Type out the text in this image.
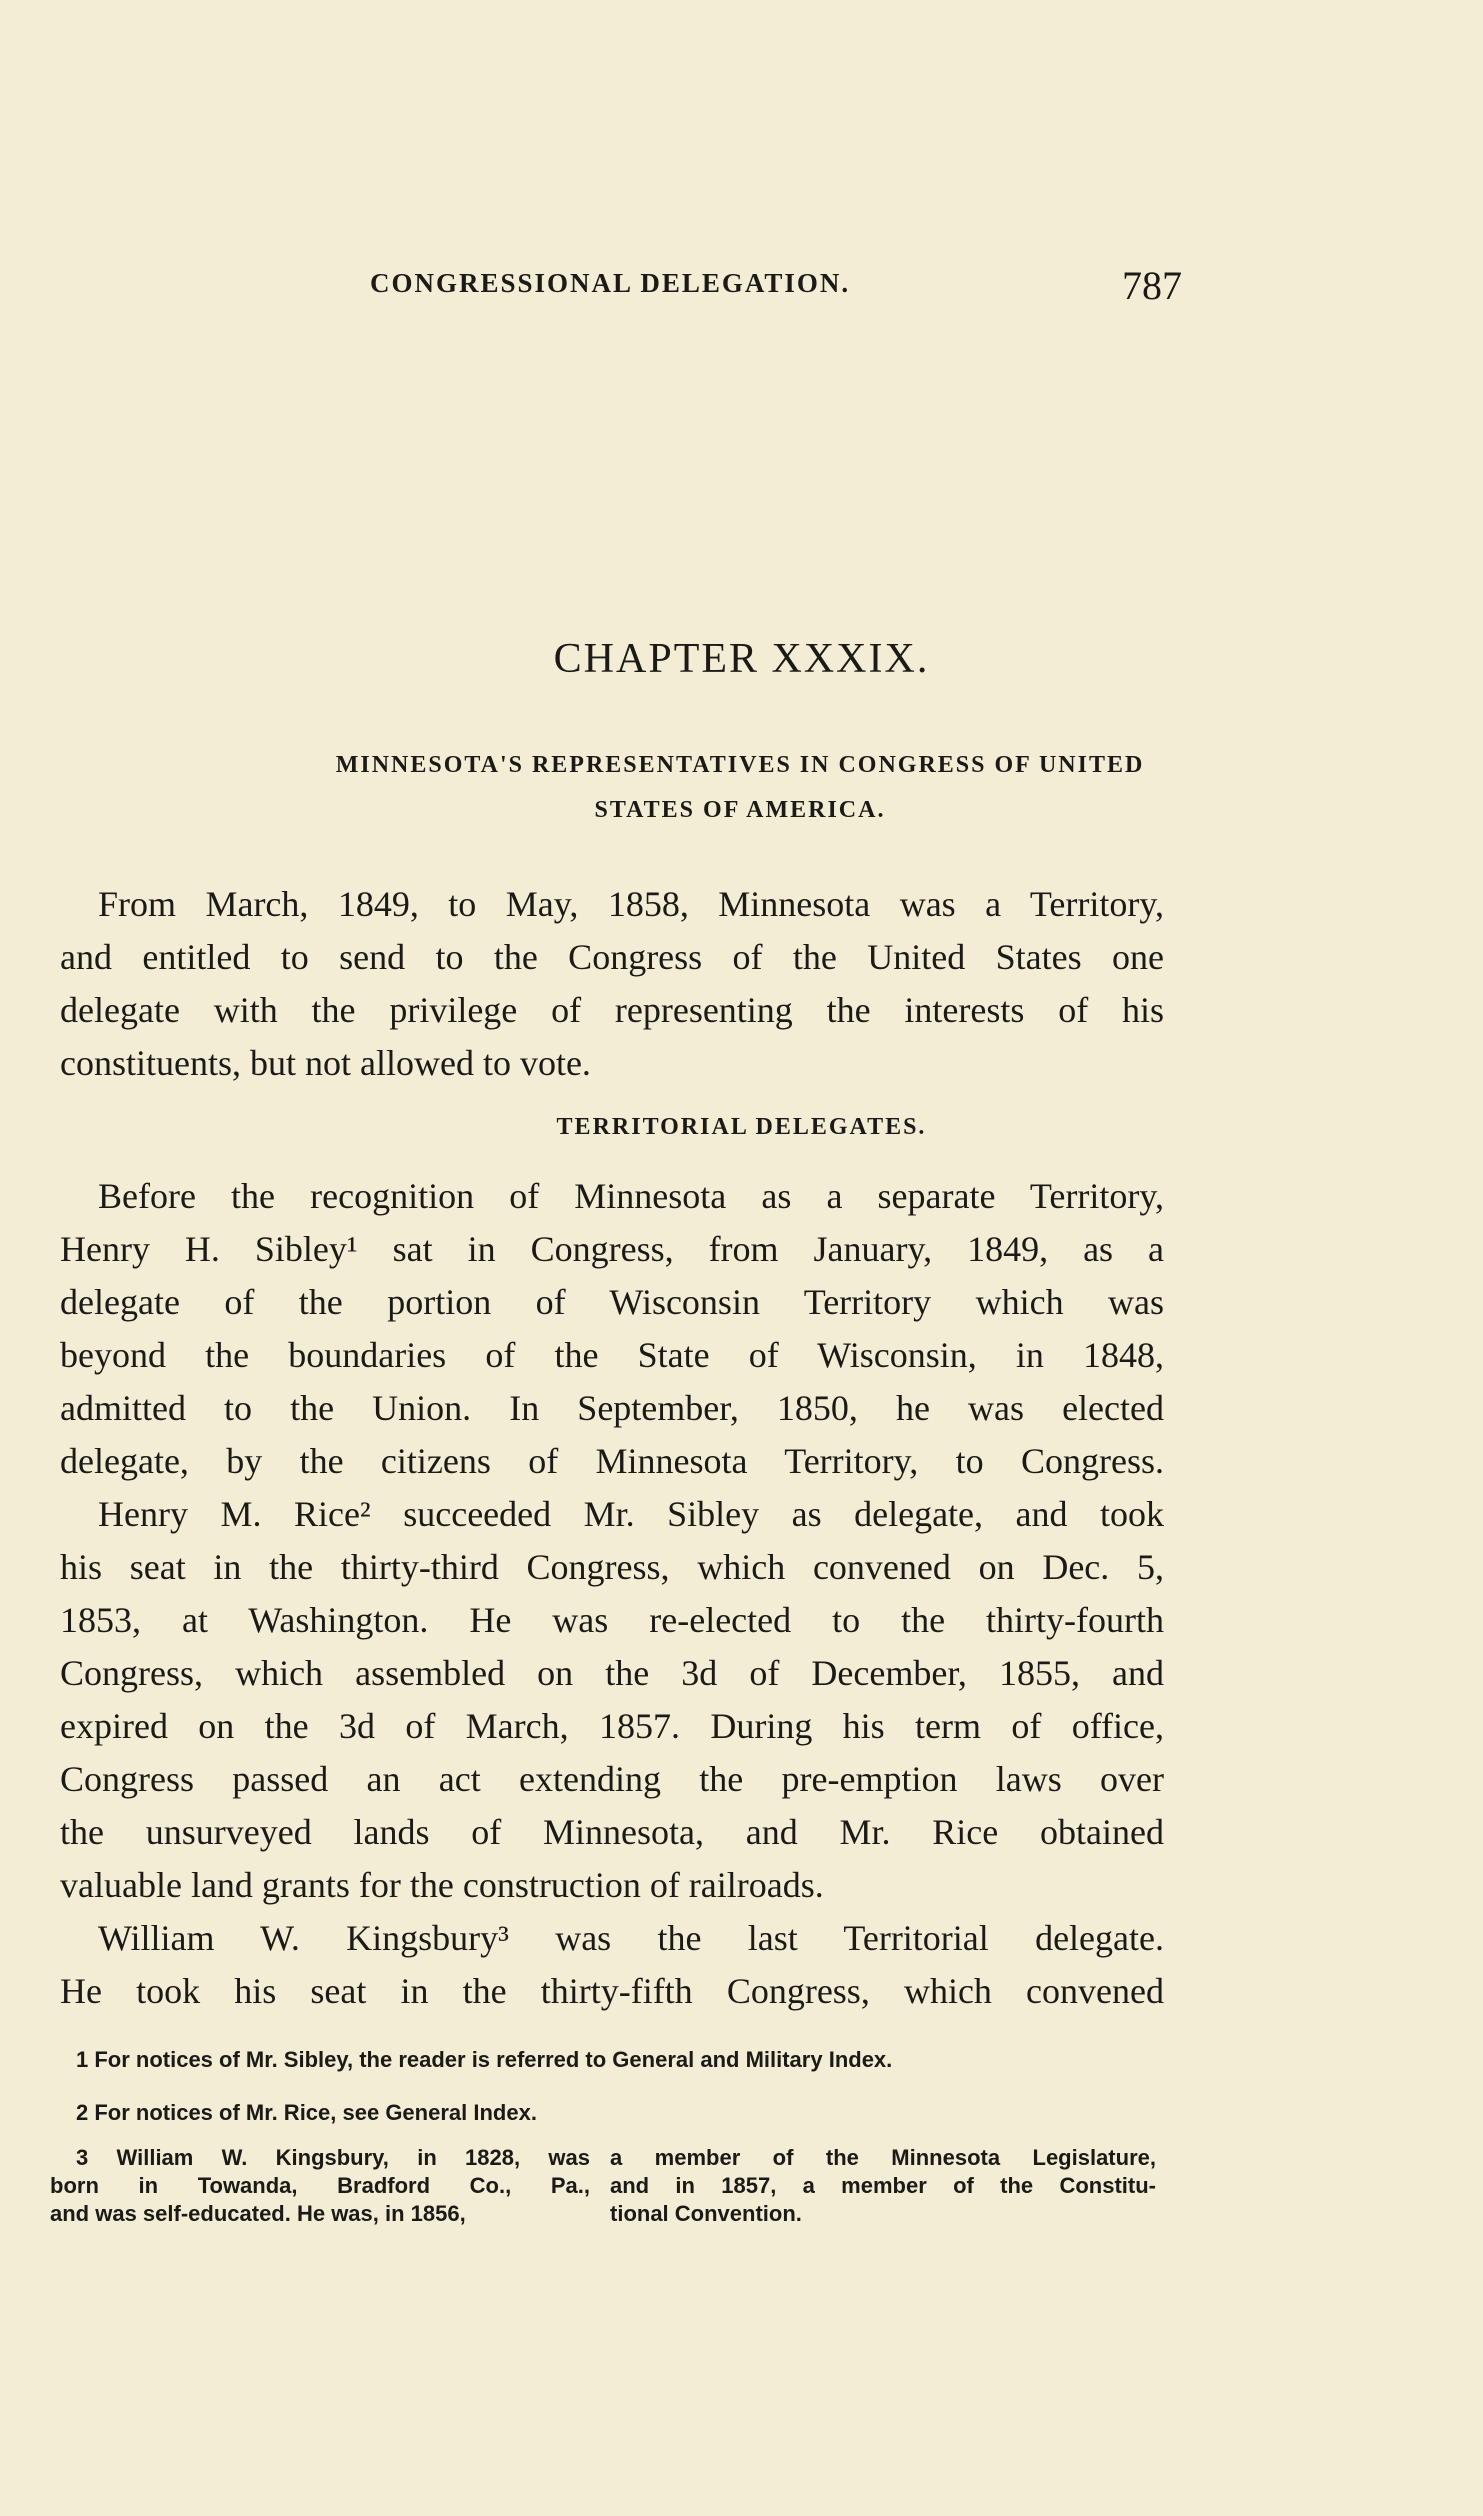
CONGRESSIONAL DELEGATION.	787
CHAPTER XXXIX.
MINNESOTA'S REPRESENTATIVES IN CONGRESS OF UNITED
STATES OF AMERICA.
From March, 1849, to May, 1858, Minnesota was a Territory,
and entitled to send to the Congress of the United States one
delegate with the privilege of representing the interests of his
constituents, but not allowed to vote.
TERRITORIAL DELEGATES.
Before the recognition of Minnesota as a separate Territory,
Henry H. Sibley¹ sat in Congress, from January, 1849, as a
delegate of the portion of Wisconsin Territory which was
beyond the boundaries of the State of Wisconsin, in 1848,
admitted to the Union. In September, 1850, he was elected
delegate, by the citizens of Minnesota Territory, to Congress.
Henry M. Rice² succeeded Mr. Sibley as delegate, and took
his seat in the thirty-third Congress, which convened on Dec. 5,
1853, at Washington. He was re-elected to the thirty-fourth
Congress, which assembled on the 3d of December, 1855, and
expired on the 3d of March, 1857. During his term of office,
Congress passed an act extending the pre-emption laws over
the unsurveyed lands of Minnesota, and Mr. Rice obtained
valuable land grants for the construction of railroads.
William W. Kingsbury³ was the last Territorial delegate.
He took his seat in the thirty-fifth Congress, which convened
1 For notices of Mr. Sibley, the reader is referred to General and Military Index.
2 For notices of Mr. Rice, see General Index.
3 William W. Kingsbury, in 1828, was
born in Towanda, Bradford Co., Pa.,
and was self-educated. He was, in 1856,
a member of the Minnesota Legislature,
and in 1857, a member of the Constitu-
tional Convention.
